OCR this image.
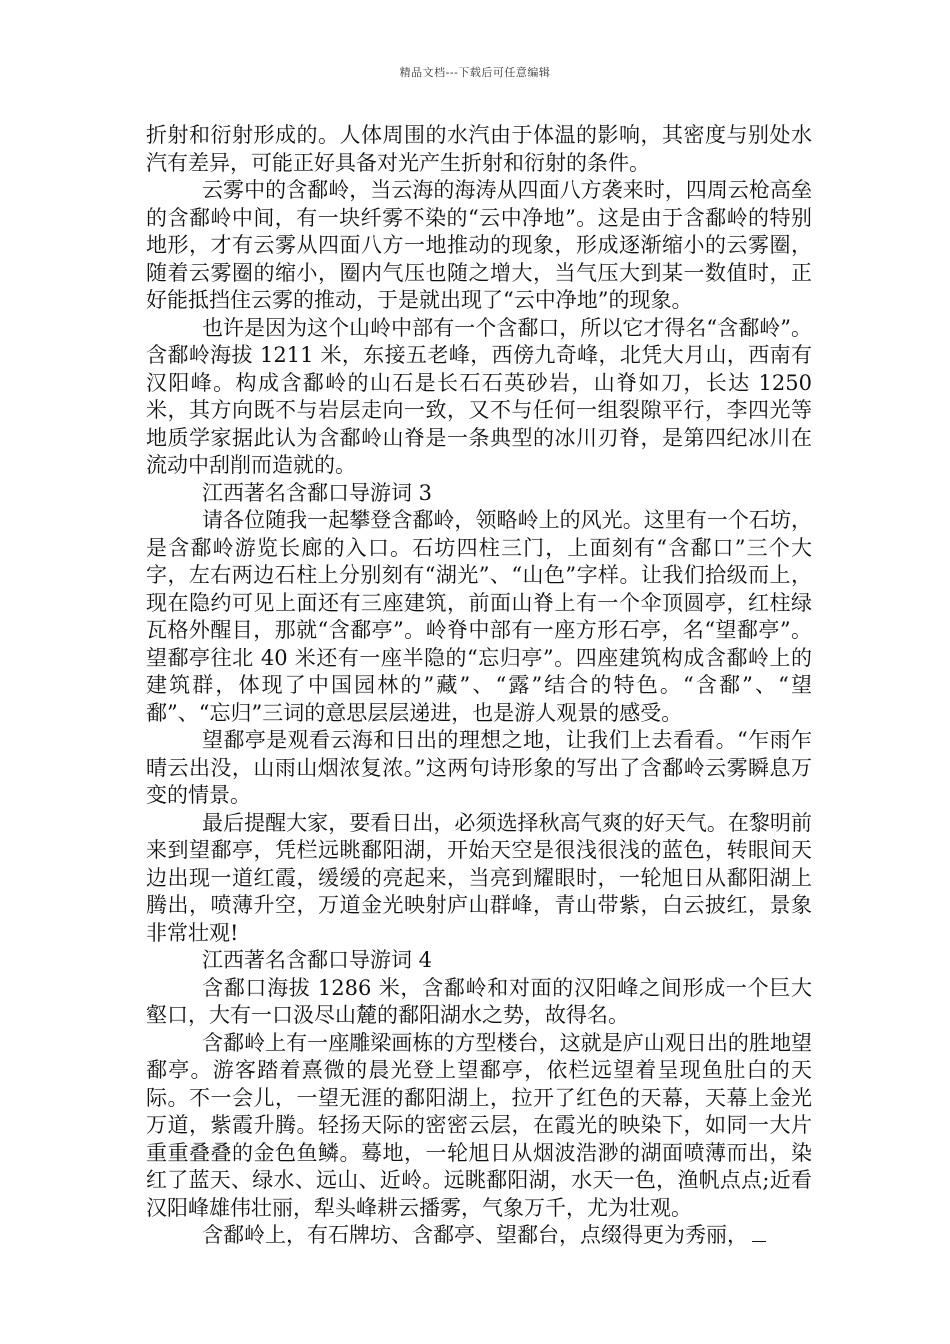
精品文档---下载后可任意编辑

折射和衍射形成的。人体周围的水汽由于体温的影响，其密度与别处水汽有差异，可能正好具备对光产生折射和衍射的条件。

云雾中的含鄱岭，当云海的海涛从四面八方袭来时，四周云枪高垒的含鄱岭中间，有一块纤雾不染的“云中净地”。这是由于含鄱岭的特别地形，才有云雾从四面八方一地推动的现象，形成逐渐缩小的云雾圈，随着云雾圈的缩小，圈内气压也随之增大，当气压大到某一数值时，正好能抵挡住云雾的推动，于是就出现了“云中净地”的现象。

也许是因为这个山岭中部有一个含鄱口，所以它才得名“含鄱岭”。含鄱岭海拔 1211 米，东接五老峰，西傍九奇峰，北凭大月山，西南有汉阳峰。构成含鄱岭的山石是长石石英砂岩，山脊如刀，长达 1250 米，其方向既不与岩层走向一致，又不与任何一组裂隙平行，李四光等地质学家据此认为含鄱岭山脊是一条典型的冰川刃脊，是第四纪冰川在流动中刮削而造就的。

江西著名含鄱口导游词 3

请各位随我一起攀登含鄱岭，领略岭上的风光。这里有一个石坊，是含鄱岭游览长廊的入口。石坊四柱三门，上面刻有“含鄱口”三个大字，左右两边石柱上分别刻有“湖光”、“山色”字样。让我们拾级而上，现在隐约可见上面还有三座建筑，前面山脊上有一个伞顶圆亭，红柱绿瓦格外醒目，那就“含鄱亭”。岭脊中部有一座方形石亭，名“望鄱亭”。望鄱亭往北 40 米还有一座半隐的“忘归亭”。四座建筑构成含鄱岭上的建筑群，体现了中国园林的”藏”、“露”结合的特色。“含鄱”、“望鄱”、“忘归”三词的意思层层递进，也是游人观景的感受。

望鄱亭是观看云海和日出的理想之地，让我们上去看看。“乍雨乍晴云出没，山雨山烟浓复浓。”这两句诗形象的写出了含鄱岭云雾瞬息万变的情景。

最后提醒大家，要看日出，必须选择秋高气爽的好天气。在黎明前来到望鄱亭，凭栏远眺鄱阳湖，开始天空是很浅很浅的蓝色，转眼间天边出现一道红霞，缓缓的亮起来，当亮到耀眼时，一轮旭日从鄱阳湖上腾出，喷薄升空，万道金光映射庐山群峰，青山带紫，白云披红，景象非常壮观!

江西著名含鄱口导游词 4

含鄱口海拔 1286 米，含鄱岭和对面的汉阳峰之间形成一个巨大壑口，大有一口汲尽山麓的鄱阳湖水之势，故得名。

含鄱岭上有一座雕梁画栋的方型楼台，这就是庐山观日出的胜地望鄱亭。游客踏着熹微的晨光登上望鄱亭，依栏远望着呈现鱼肚白的天际。不一会儿，一望无涯的鄱阳湖上，拉开了红色的天幕，天幕上金光万道，紫霞升腾。轻扬天际的密密云层，在霞光的映染下，如同一大片重重叠叠的金色鱼鳞。蓦地，一轮旭日从烟波浩渺的湖面喷薄而出，染红了蓝天、绿水、远山、近岭。远眺鄱阳湖，水天一色，渔帆点点;近看汉阳峰雄伟壮丽，犁头峰耕云播雾，气象万千，尤为壮观。

含鄱岭上，有石牌坊、含鄱亭、望鄱台，点缀得更为秀丽，
